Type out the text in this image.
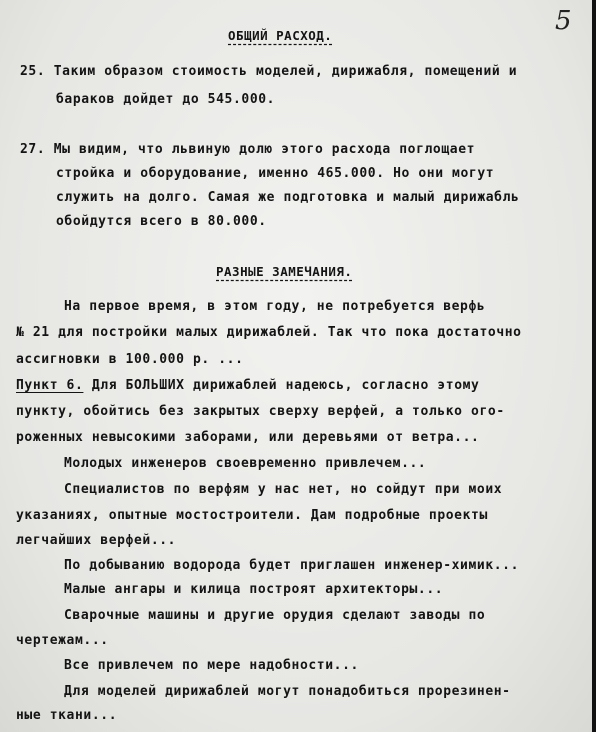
5
ОБЩИЙ РАСХОД.
25. Таким образом стоимость моделей, дирижабля, помещений и
бараков дойдет до 545.000.
27. Мы видим, что львиную долю этого расхода поглощает
стройка и оборудование, именно 465.000. Но они могут
служить на долго. Самая же подготовка и малый дирижабль
обойдутся всего в 80.000.
РАЗНЫЕ ЗАМЕЧАНИЯ.
На первое время, в этом году, не потребуется верфь
№ 21 для постройки малых дирижаблей. Так что пока достаточно
ассигновки в 100.000 р. ...
Пункт 6. Для БОЛЬШИХ дирижаблей надеюсь, согласно этому
пункту, обойтись без закрытых сверху верфей, а только ого-
роженных невысокими заборами, или деревьями от ветра...
Молодых инженеров своевременно привлечем...
Специалистов по верфям у нас нет, но сойдут при моих
указаниях, опытные мостостроители. Дам подробные проекты
легчайших верфей...
По добыванию водорода будет приглашен инженер-химик...
Малые ангары и килица построят архитекторы...
Сварочные машины и другие орудия сделают заводы по
чертежам...
Все привлечем по мере надобности...
Для моделей дирижаблей могут понадобиться прорезинен-
ные ткани...
